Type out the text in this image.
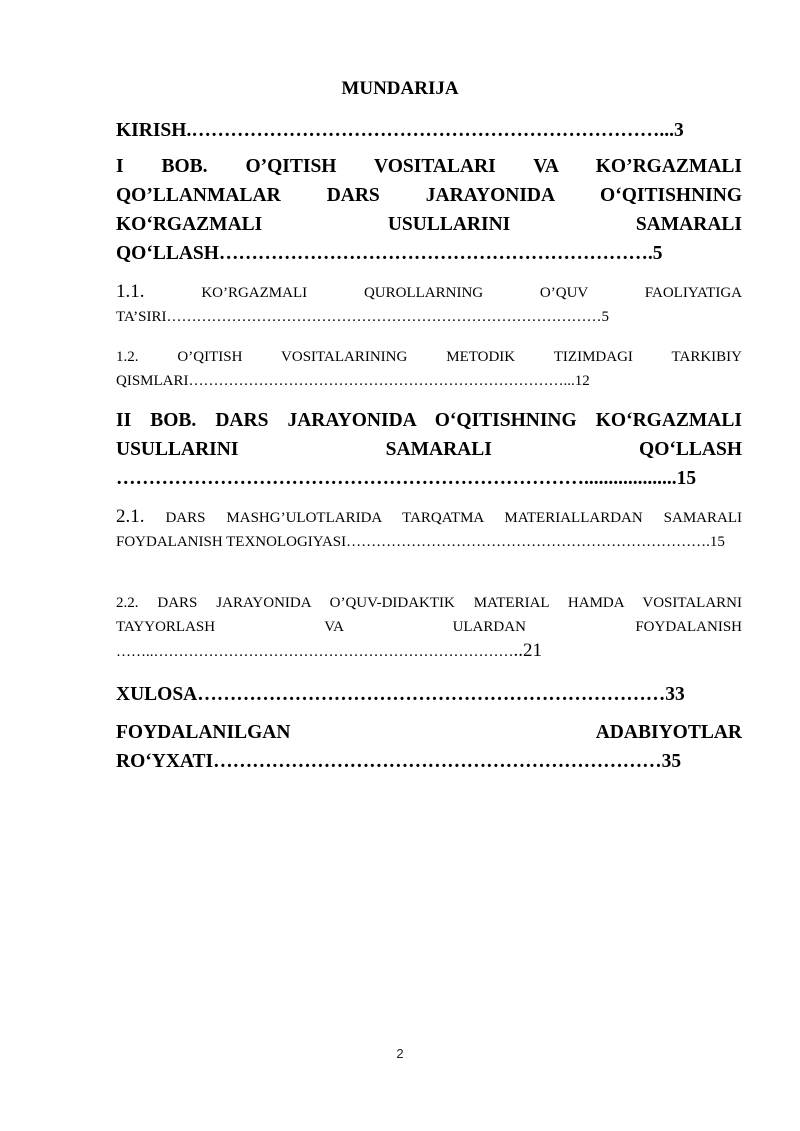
MUNDARIJA
KIRISH.………………………………………………………………...3
I BOB. O’QITISH VOSITALARI VA KO’RGAZMALI QO’LLANMALAR DARS JARAYONIDA O‘QITISHNING KO‘RGAZMALI USULLARINI SAMARALI QO‘LLASH………………………………………………………….5
1.1. KO’RGAZMALI QUROLLARNING O’QUV FAOLIYATIGA TA’SIRI……………………………………………………………………………5
1.2. O’QITISH VOSITALARINING METODIK TIZIMDAGI TARKIBIY QISMLARI…………………………………………………………………...12
II BOB. DARS JARAYONIDA O‘QITISHNING KO‘RGAZMALI USULLARINI SAMARALI QO‘LLASH ………………………………………………………………...................15
2.1. DARS MASHG’ULOTLARIDA TARQATMA MATERIALLARDAN SAMARALI FOYDALANISH TEXNOLOGIYASI……………………………………………………………….15
2.2. DARS JARAYONIDA O’QUV-DIDAKTIK MATERIAL HAMDA VOSITALARNI TAYYORLASH VA ULARDAN FOYDALANISH ……..………………………………………………………………..21
XULOSA………………………………………………………………33
FOYDALANILGAN ADABIYOTLAR RO‘YXATI……………………………………………………………35
2
